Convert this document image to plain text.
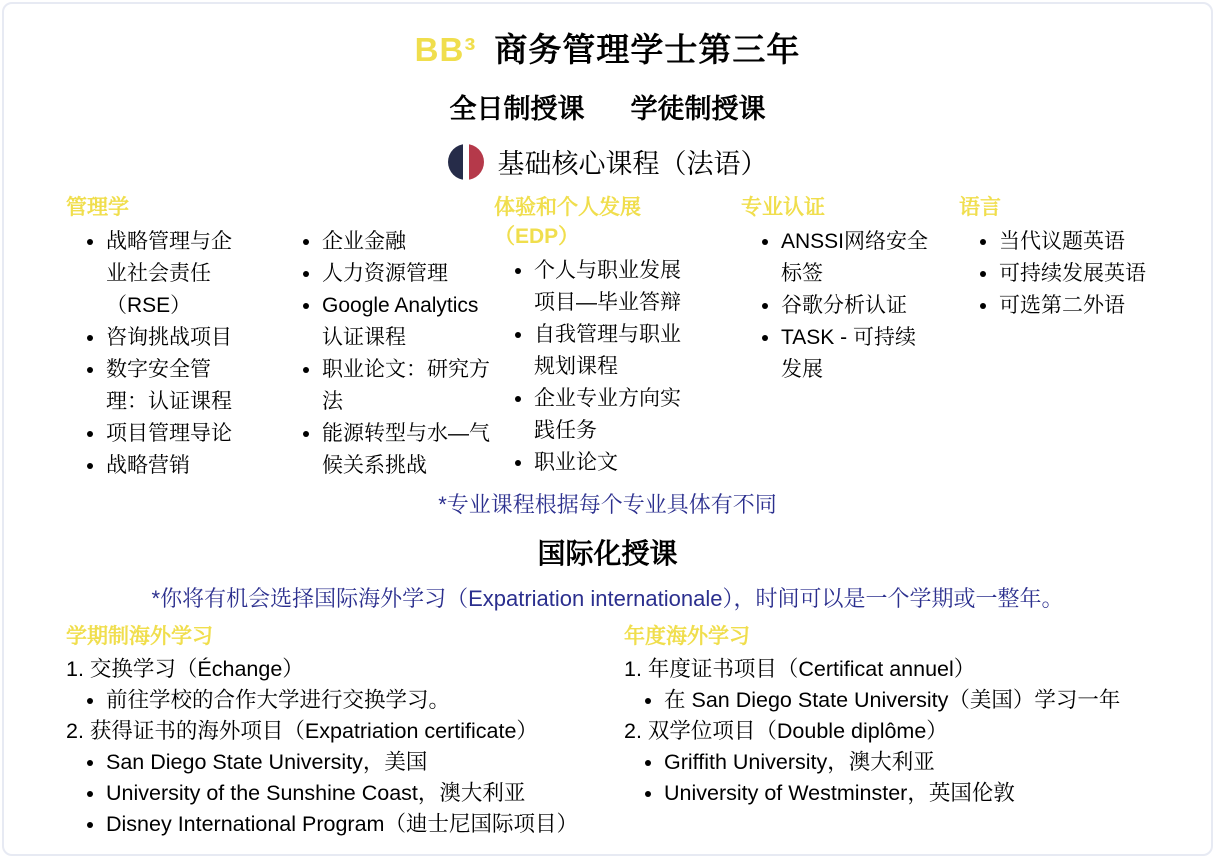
BB³ 商务管理学士第三年
全日制授课 学徒制授课
基础核心课程（法语）
管理学
• 战略管理与企业社会责任（RSE）
• 咨询挑战项目
• 数字安全管理：认证课程
• 项目管理导论
• 战略营销
• 企业金融
• 人力资源管理
• Google Analytics 认证课程
• 职业论文：研究方法
• 能源转型与水—气候关系挑战
体验和个人发展（EDP）
• 个人与职业发展项目—毕业答辩
• 自我管理与职业规划课程
• 企业专业方向实践任务
• 职业论文
专业认证
• ANSSI网络安全标签
• 谷歌分析认证
• TASK - 可持续发展
语言
• 当代议题英语
• 可持续发展英语
• 可选第二外语

*专业课程根据每个专业具体有不同

国际化授课

*你将有机会选择国际海外学习（Expatriation internationale），时间可以是一个学期或一整年。

学期制海外学习
1. 交换学习（Échange）
• 前往学校的合作大学进行交换学习。
2. 获得证书的海外项目（Expatriation certificate）
• San Diego State University，美国
• University of the Sunshine Coast，澳大利亚
• Disney International Program（迪士尼国际项目）
年度海外学习
1. 年度证书项目（Certificat annuel）
• 在 San Diego State University（美国）学习一年
2. 双学位项目（Double diplôme）
• Griffith University，澳大利亚
• University of Westminster，英国伦敦
